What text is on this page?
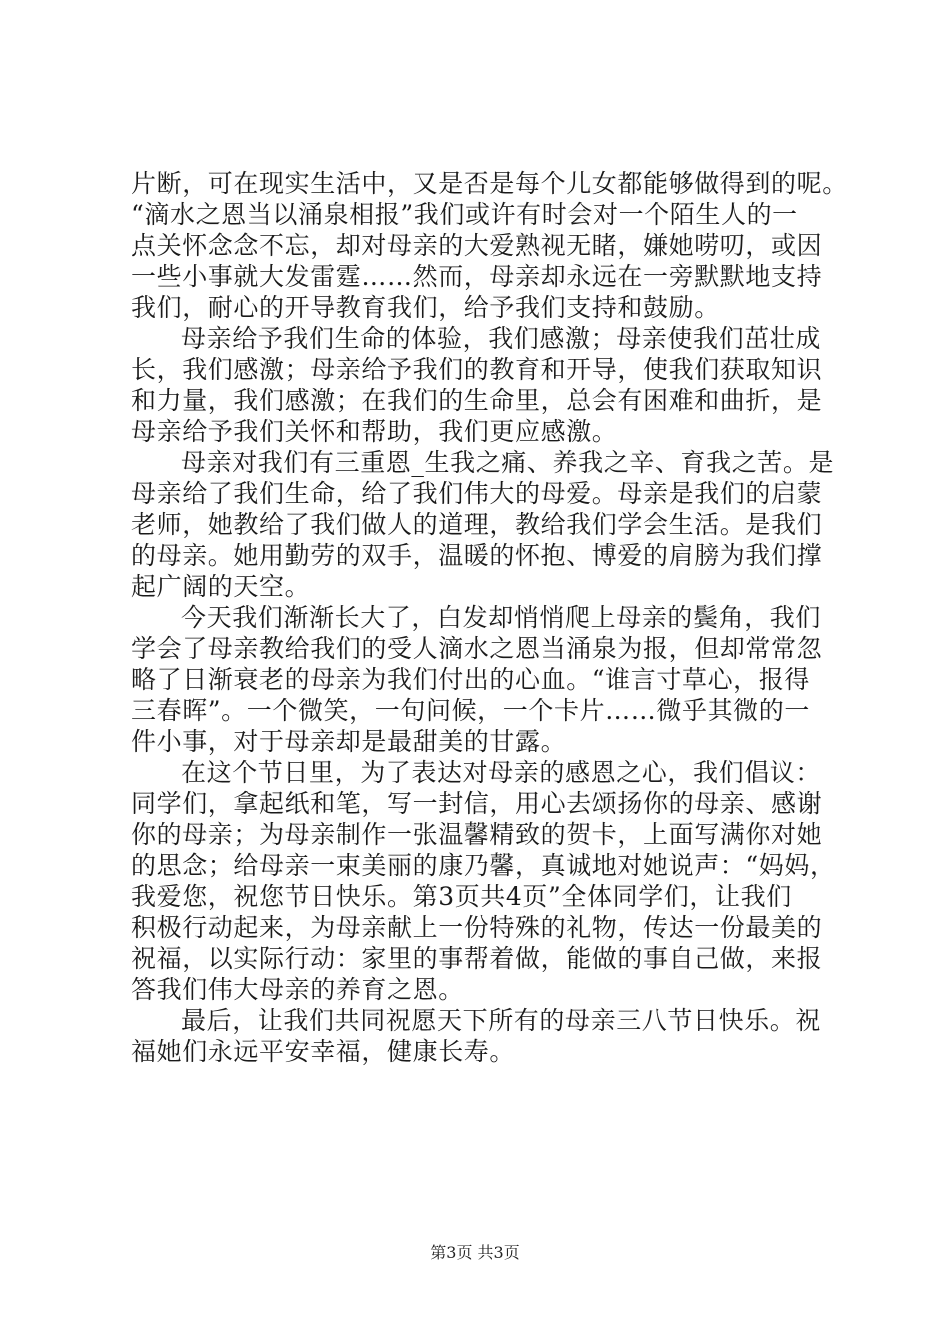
片断，可在现实生活中，又是否是每个儿女都能够做得到的呢。
“滴水之恩当以涌泉相报”我们或许有时会对一个陌生人的一
点关怀念念不忘，却对母亲的大爱熟视无睹，嫌她唠叨，或因
一些小事就大发雷霆……然而，母亲却永远在一旁默默地支持
我们，耐心的开导教育我们，给予我们支持和鼓励。
母亲给予我们生命的体验，我们感激；母亲使我们茁壮成
长，我们感激；母亲给予我们的教育和开导，使我们获取知识
和力量，我们感激；在我们的生命里，总会有困难和曲折，是
母亲给予我们关怀和帮助，我们更应感激。
母亲对我们有三重恩_生我之痛、养我之辛、育我之苦。是
母亲给了我们生命，给了我们伟大的母爱。母亲是我们的启蒙
老师，她教给了我们做人的道理，教给我们学会生活。是我们
的母亲。她用勤劳的双手，温暖的怀抱、博爱的肩膀为我们撑
起广阔的天空。
今天我们渐渐长大了，白发却悄悄爬上母亲的鬓角，我们
学会了母亲教给我们的受人滴水之恩当涌泉为报，但却常常忽
略了日渐衰老的母亲为我们付出的心血。“谁言寸草心，报得
三春晖”。一个微笑，一句问候，一个卡片……微乎其微的一
件小事，对于母亲却是最甜美的甘露。
在这个节日里，为了表达对母亲的感恩之心，我们倡议：
同学们，拿起纸和笔，写一封信，用心去颂扬你的母亲、感谢
你的母亲；为母亲制作一张温馨精致的贺卡，上面写满你对她
的思念；给母亲一束美丽的康乃馨，真诚地对她说声：“妈妈，
我爱您，祝您节日快乐。第3页共4页”全体同学们，让我们
积极行动起来，为母亲献上一份特殊的礼物，传达一份最美的
祝福，以实际行动：家里的事帮着做，能做的事自己做，来报
答我们伟大母亲的养育之恩。
最后，让我们共同祝愿天下所有的母亲三八节日快乐。祝
福她们永远平安幸福，健康长寿。
第3页 共3页
